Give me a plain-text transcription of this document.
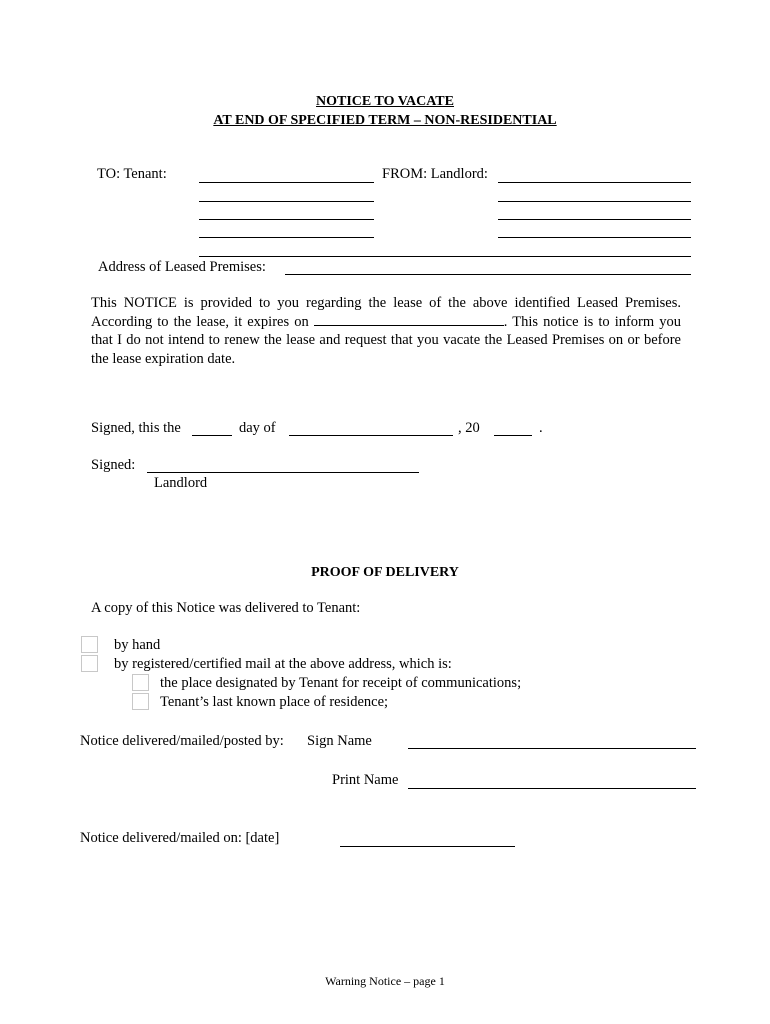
NOTICE TO VACATE
AT END OF SPECIFIED TERM – NON-RESIDENTIAL
TO: Tenant:	FROM: Landlord:
Address of Leased Premises:
This NOTICE is provided to you regarding the lease of the above identified Leased Premises. According to the lease, it expires on	. This notice is to inform you that I do not intend to renew the lease and request that you vacate the Leased Premises on or before the lease expiration date.
Signed, this the	day of	, 20	.
Signed:
Landlord
PROOF OF DELIVERY
A copy of this Notice was delivered to Tenant:
by hand
by registered/certified mail at the above address, which is:
the place designated by Tenant for receipt of communications;
Tenant’s last known place of residence;
Notice delivered/mailed/posted by: Sign Name
Print Name
Notice delivered/mailed on: [date]
Warning Notice – page 1
